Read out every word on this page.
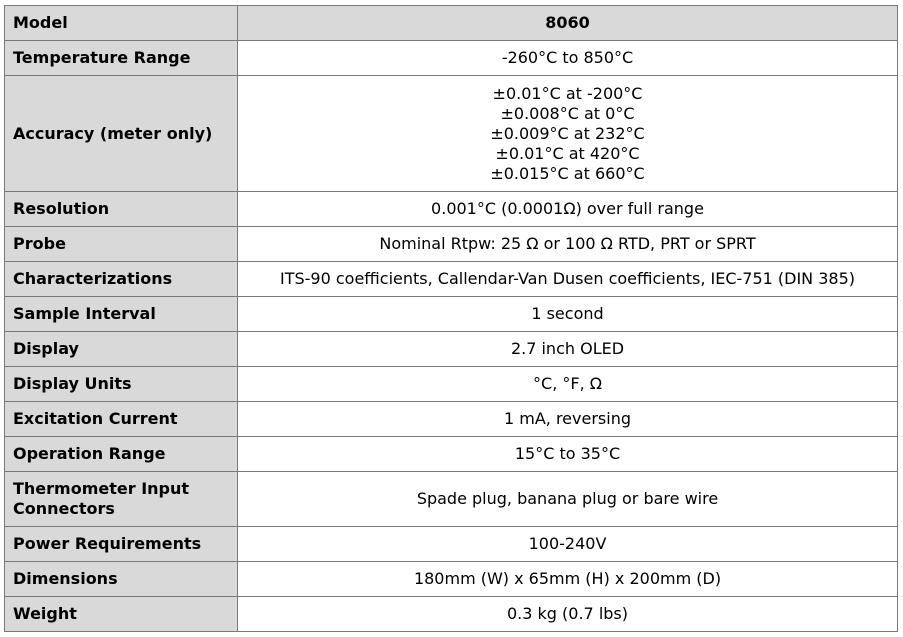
Model	8060
Temperature Range	-260°C to 850°C
Accuracy (meter only)	±0.01°C at -200°C
±0.008°C at 0°C
±0.009°C at 232°C
±0.01°C at 420°C
±0.015°C at 660°C

Resolution	0.001°C (0.0001Ω) over full range
Probe	Nominal Rtpw: 25 Ω or 100 Ω RTD, PRT or SPRT
Characterizations	ITS-90 coefficients, Callendar-Van Dusen coefficients, IEC-751 (DIN 385)
Sample Interval	1 second
Display	2.7 inch OLED
Display Units	°C, °F, Ω
Excitation Current	1 mA, reversing
Operation Range	15°C to 35°C
Thermometer Input Connectors	Spade plug, banana plug or bare wire
Power Requirements	100-240V
Dimensions	180mm (W) x 65mm (H) x 200mm (D)
Weight	0.3 kg (0.7 lbs)
